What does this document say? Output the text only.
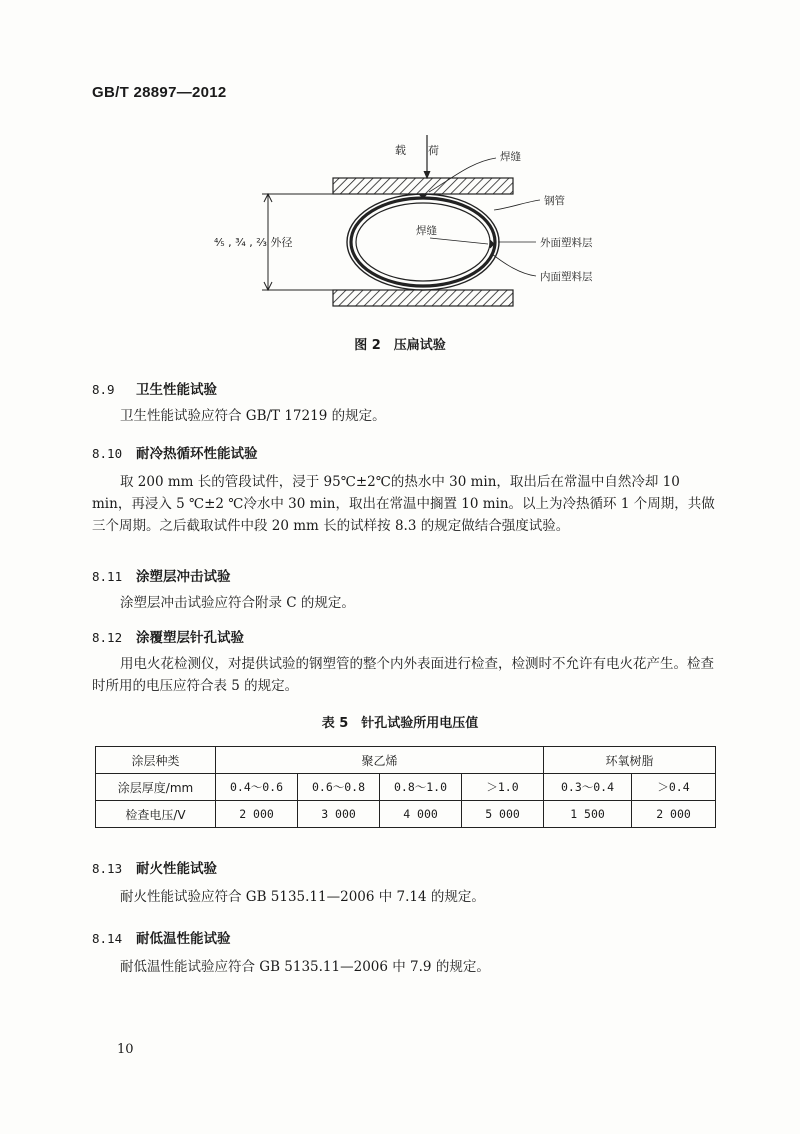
GB/T 28897—2012
载　　荷
⁴⁄₅ , ³⁄₄ , ²⁄₃ 外径
焊缝
钢管
焊缝
外面塑料层
内面塑料层
图 2　压扁试验
8.9 卫生性能试验

卫生性能试验应符合 GB/T 17219 的规定。

8.10 耐冷热循环性能试验

取 200 mm 长的管段试件，浸于 95℃±2℃的热水中 30 min，取出后在常温中自然冷却 10 min，再浸入 5 ℃±2 ℃冷水中 30 min，取出在常温中搁置 10 min。以上为冷热循环 1 个周期，共做三个周期。之后截取试件中段 20 mm 长的试样按 8.3 的规定做结合强度试验。

8.11 涂塑层冲击试验

涂塑层冲击试验应符合附录 C 的规定。

8.12 涂覆塑层针孔试验

用电火花检测仪，对提供试验的钢塑管的整个内外表面进行检查，检测时不允许有电火花产生。检查时所用的电压应符合表 5 的规定。

表 5　针孔试验所用电压值
涂层种类	聚乙烯				环氧树脂	
涂层厚度/mm	0.4～0.6	0.6～0.8	0.8～1.0	＞1.0	0.3～0.4	＞0.4
检查电压/V	2 000	3 000	4 000	5 000	1 500	2 000
8.13 耐火性能试验

耐火性能试验应符合 GB 5135.11—2006 中 7.14 的规定。

8.14 耐低温性能试验

耐低温性能试验应符合 GB 5135.11—2006 中 7.9 的规定。

10
